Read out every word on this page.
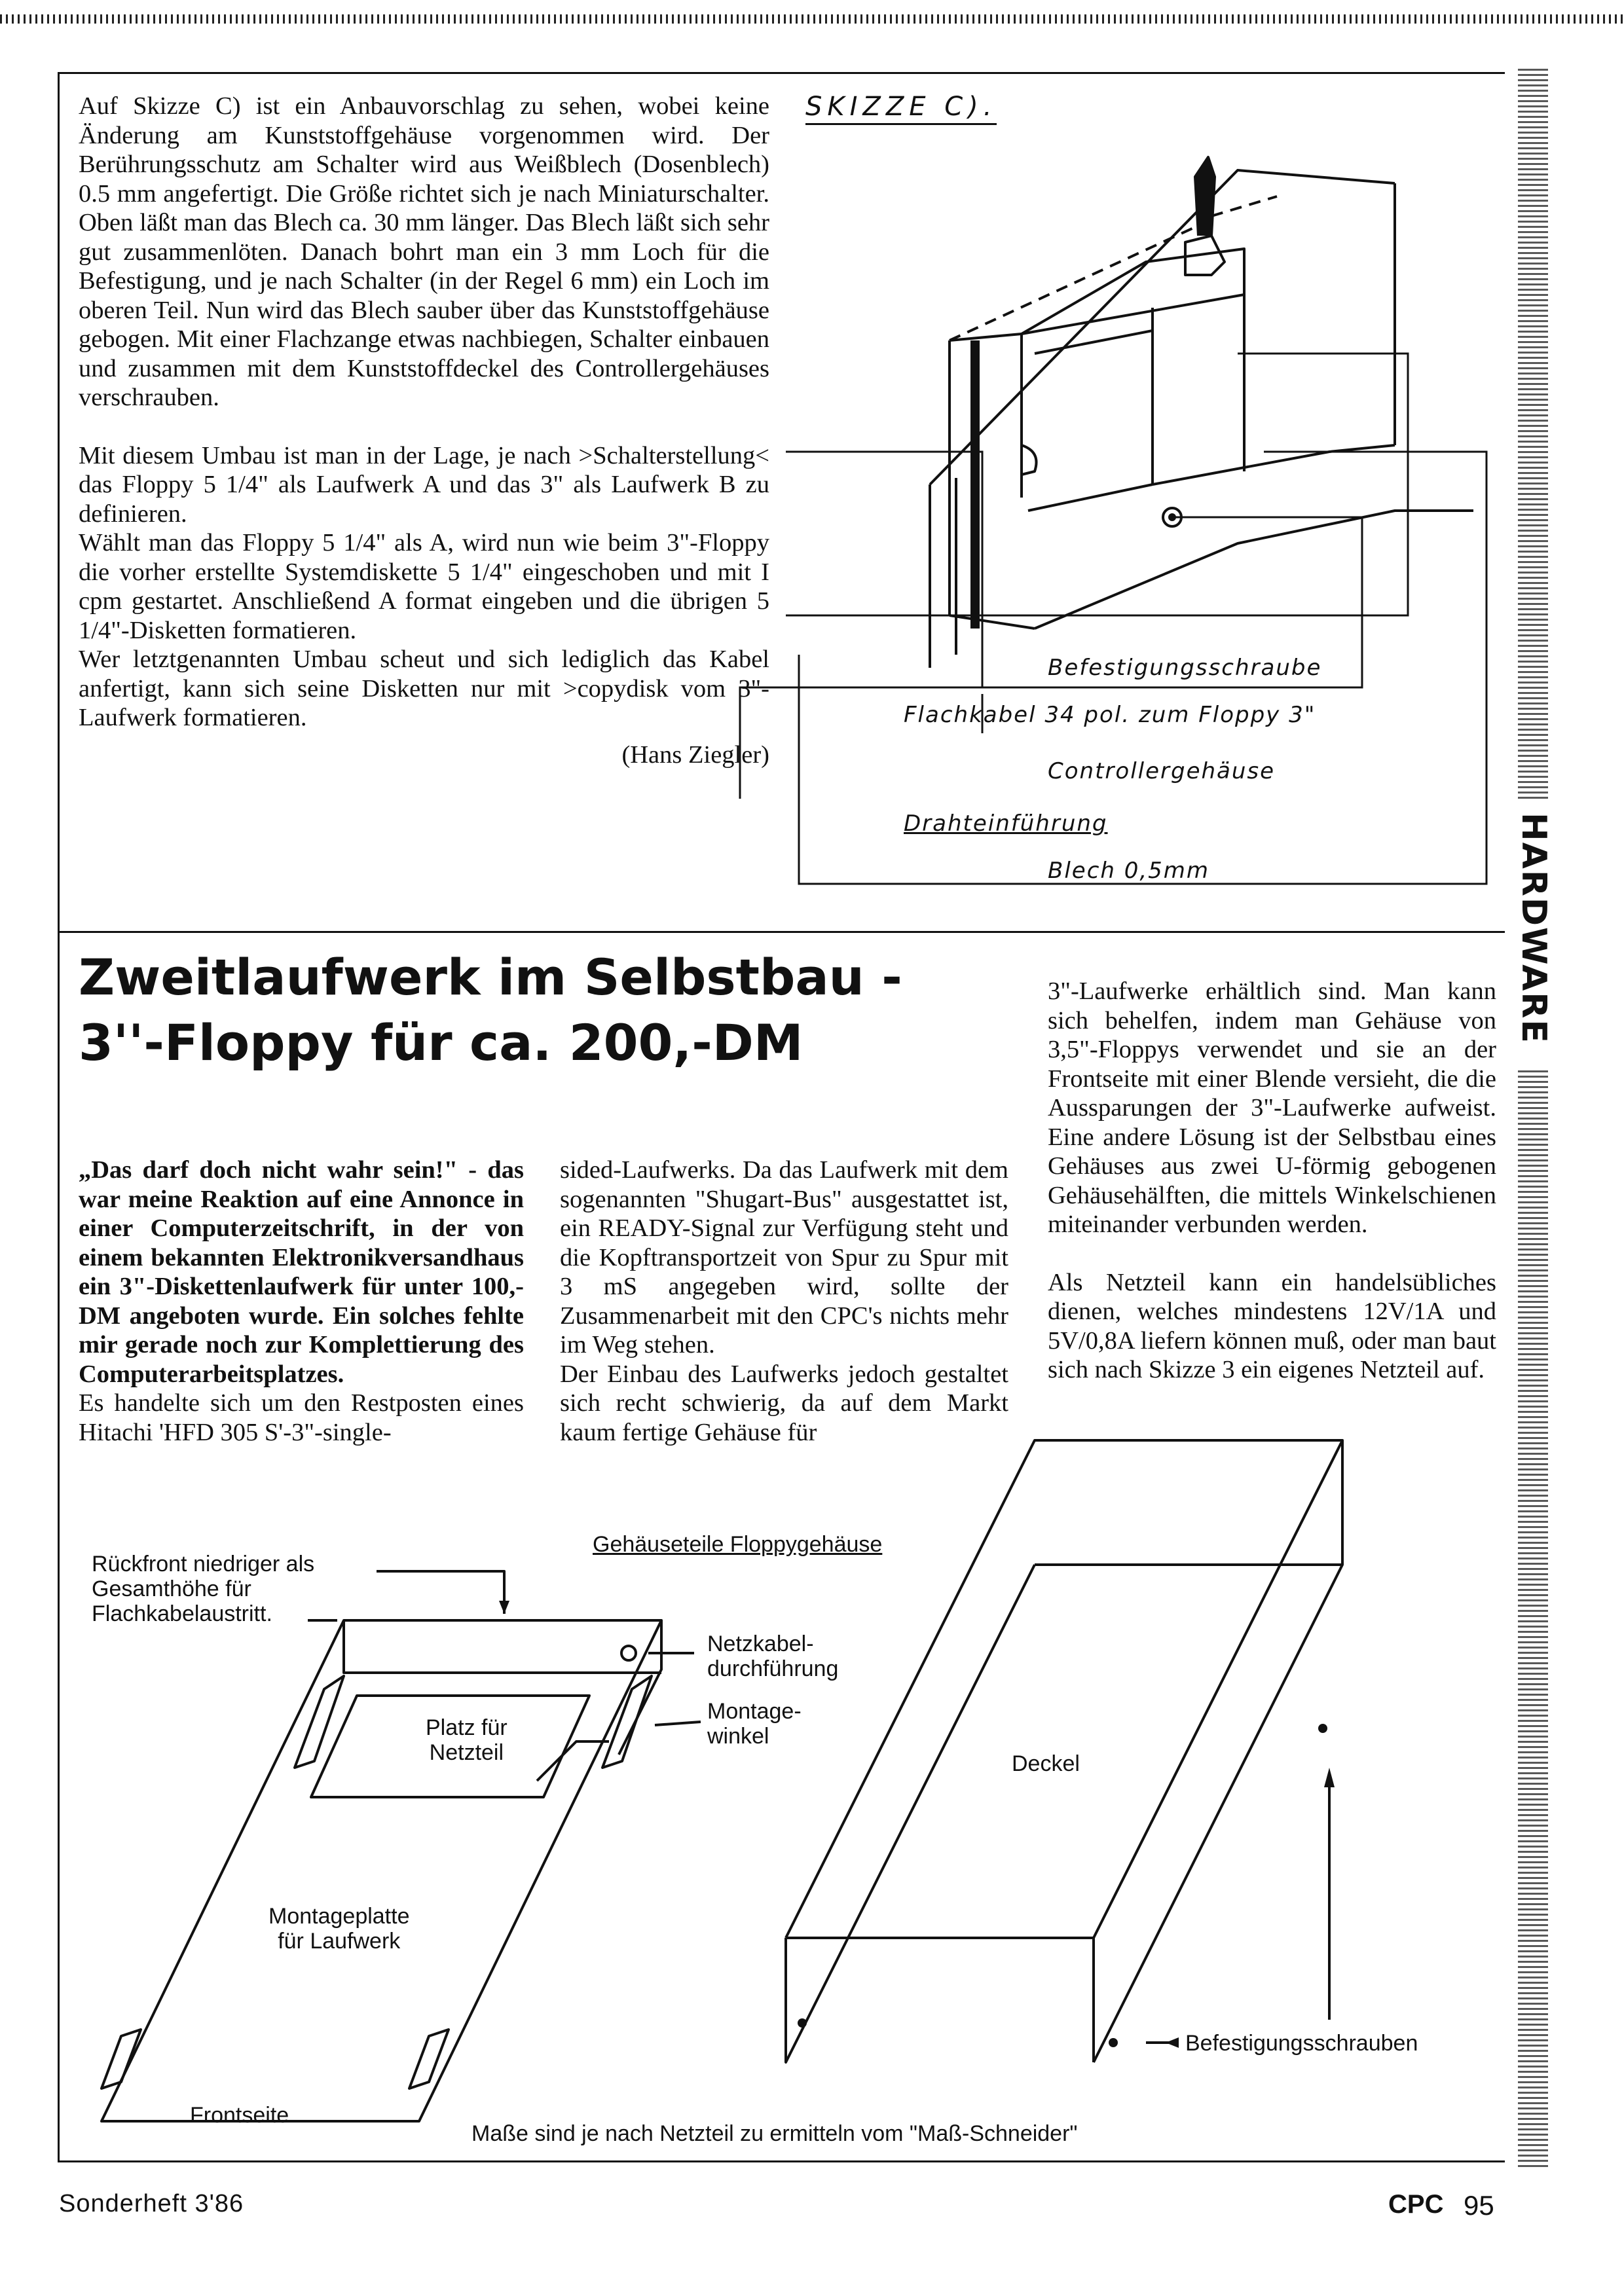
HARDWARE

Auf Skizze C) ist ein Anbauvorschlag zu sehen, wobei keine Änderung am Kunststoffgehäuse vorgenommen wird. Der Berührungsschutz am Schalter wird aus Weißblech (Dosenblech) 0.5 mm angefertigt. Die Größe richtet sich je nach Miniaturschalter. Oben läßt man das Blech ca. 30 mm länger. Das Blech läßt sich sehr gut zusammenlöten. Danach bohrt man ein 3 mm Loch für die Befestigung, und je nach Schalter (in der Regel 6 mm) ein Loch im oberen Teil. Nun wird das Blech sauber über das Kunststoffgehäuse gebogen. Mit einer Flachzange etwas nachbiegen, Schalter einbauen und zusammen mit dem Kunststoffdeckel des Controllergehäuses verschrauben.

Mit diesem Umbau ist man in der Lage, je nach >Schalterstellung< das Floppy 5 1/4" als Laufwerk A und das 3" als Laufwerk B zu definieren.

Wählt man das Floppy 5 1/4" als A, wird nun wie beim 3"-Floppy die vorher erstellte Systemdiskette 5 1/4" eingeschoben und mit I cpm gestartet. Anschließend A format eingeben und die übrigen 5 1/4"-Disketten formatieren.

Wer letztgenannten Umbau scheut und sich lediglich das Kabel anfertigt, kann sich seine Disketten nur mit >copydisk vom 3"-Laufwerk formatieren.

(Hans Ziegler)

SKIZZE C).
Befestigungsschraube
Flachkabel 34 pol. zum Floppy 3"
Controllergehäuse
Drahteinführung
Blech 0,5mm
Zweitlaufwerk im Selbstbau -
3''-Floppy für ca. 200,-DM

„Das darf doch nicht wahr sein!" - das war meine Reaktion auf eine Annonce in einer Computerzeitschrift, in der von einem bekannten Elektronikversandhaus ein 3"-Diskettenlaufwerk für unter 100,- DM angeboten wurde. Ein solches fehlte mir gerade noch zur Komplettierung des Computerarbeitsplatzes.

Es handelte sich um den Restposten eines Hitachi 'HFD 305 S'-3"-single-

sided-Laufwerks. Da das Laufwerk mit dem sogenannten "Shugart-Bus" ausgestattet ist, ein READY-Signal zur Verfügung steht und die Kopftransportzeit von Spur zu Spur mit 3 mS angegeben wird, sollte der Zusammenarbeit mit den CPC's nichts mehr im Weg stehen.

Der Einbau des Laufwerks jedoch gestaltet sich recht schwierig, da auf dem Markt kaum fertige Gehäuse für

3"-Laufwerke erhältlich sind. Man kann sich behelfen, indem man Gehäuse von 3,5"-Floppys verwendet und sie an der Frontseite mit einer Blende versieht, die die Aussparungen der 3"-Laufwerke aufweist. Eine andere Lösung ist der Selbstbau eines Gehäuses aus zwei U-förmig gebogenen Gehäusehälften, die mittels Winkelschienen miteinander verbunden werden.

Als Netzteil kann ein handelsübliches dienen, welches mindestens 12V/1A und 5V/0,8A liefern können muß, oder man baut sich nach Skizze 3 ein eigenes Netzteil auf.

Gehäuseteile Floppygehäuse
Rückfront niedriger als
Gesamthöhe für
Flachkabelaustritt.
Netzkabel-
durchführung
Montage-
winkel
Platz für
Netzteil
Montageplatte
für Laufwerk
Frontseite
Deckel
Befestigungsschrauben
Maße sind je nach Netzteil zu ermitteln vom "Maß-Schneider"
Sonderheft 3'86	CPC 95
